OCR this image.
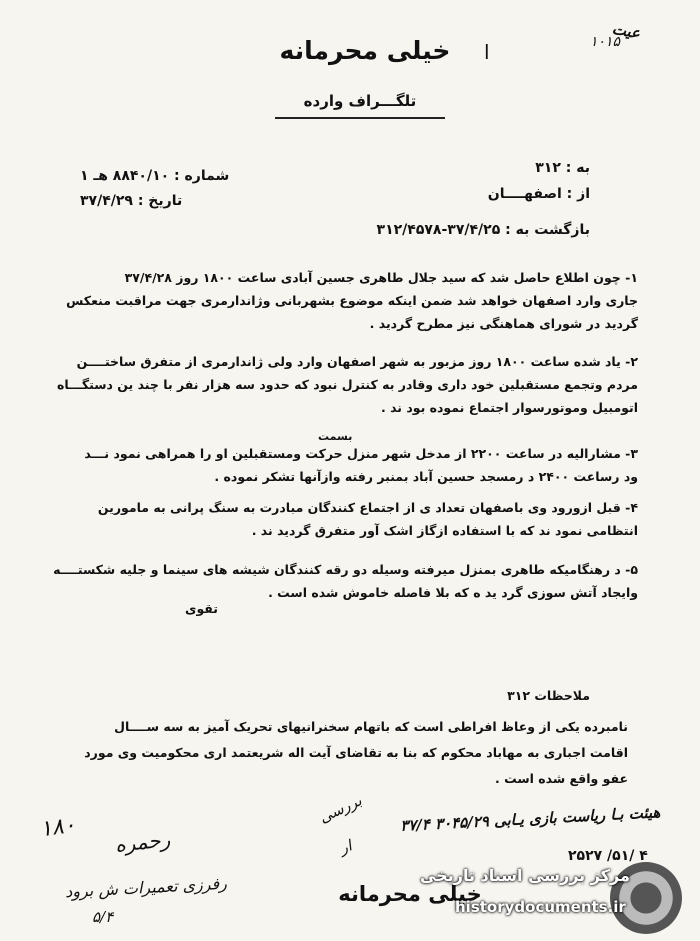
عیت
۱۰۱۵
ا
خیلی محرمانه
تلگـــراف وارده
به : ۳۱۲
از : اصفهــــان
بازگشت به : ۳۷/۴/۲۵-۳۱۲/۴۵۷۸
شماره : ۸۸۴۰/۱۰ هـ ۱
تاریخ : ۳۷/۴/۲۹
۱- چون اطلاع حاصل شد که سید جلال طاهری جسین آبادی ساعت ۱۸۰۰ روز ۳۷/۴/۲۸
جاری وارد اصفهان خواهد شد ضمن اینکه موضوع بشهربانی وژاندارمری جهت مراقبت منعکس
گردید در شورای هماهنگی نیز مطرح گردید .
۲- یاد شده ساعت ۱۸۰۰ روز مزبور به شهر اصفهان وارد ولی ژاندارمری از متفرق ساختــــن
مردم وتجمع مستقبلین خود داری وقادر به کنترل نبود که حدود سه هزار نفر با چند ین دستگـــاه
اتومبیل وموتورسوار اجتماع نموده بود ند .
بسمت
۳- مشارالیه در ساعت ۲۲۰۰ از مدخل شهر منزل حرکت ومستقبلین او را همراهی نمود نـــد
ود رساعت ۲۴۰۰ د رمسجد حسین آباد بمنبر رفته وازآنها تشکر نموده .
۴- قبل ازورود وی باصفهان تعداد ی از اجتماع کنندگان مبادرت به سنگ پرانی به مامورین
انتظامی نمود ند که با استفاده ازگاز اشک آور متفرق گردید ند .
۵- د رهنگامیکه طاهری بمنزل میرفته وسیله دو رقه کنندگان شیشه های سینما و جلیه شکستــــه
وایجاد آتش سوزی گرد ید ه که بلا فاصله خاموش شده است .
تقوی
ملاحظات ۳۱۲
نامبرده یکی از وعاظ افراطی است که باتهام سخنرانیهای تحریک آمیز به سه ســــال
اقامت اجباری به مهاباد محکوم که بنا به تقاضای آیت اله شریعتمد اری محکومیت وی مورد
عفو واقع شده است .
۱۸۰ رحمره
رفرزی تعمیرات ش برود
۵/۴
بررسی
ار
هیئت بـا ریاست بازی یـابی ۳۰۴۵/۲۹ ۳۷/۴
۲۵۲۷ /۵۱/ ۴
خیلی محرمانه
مرکز بررسی اسناد تاریخی
historydocuments.ir
